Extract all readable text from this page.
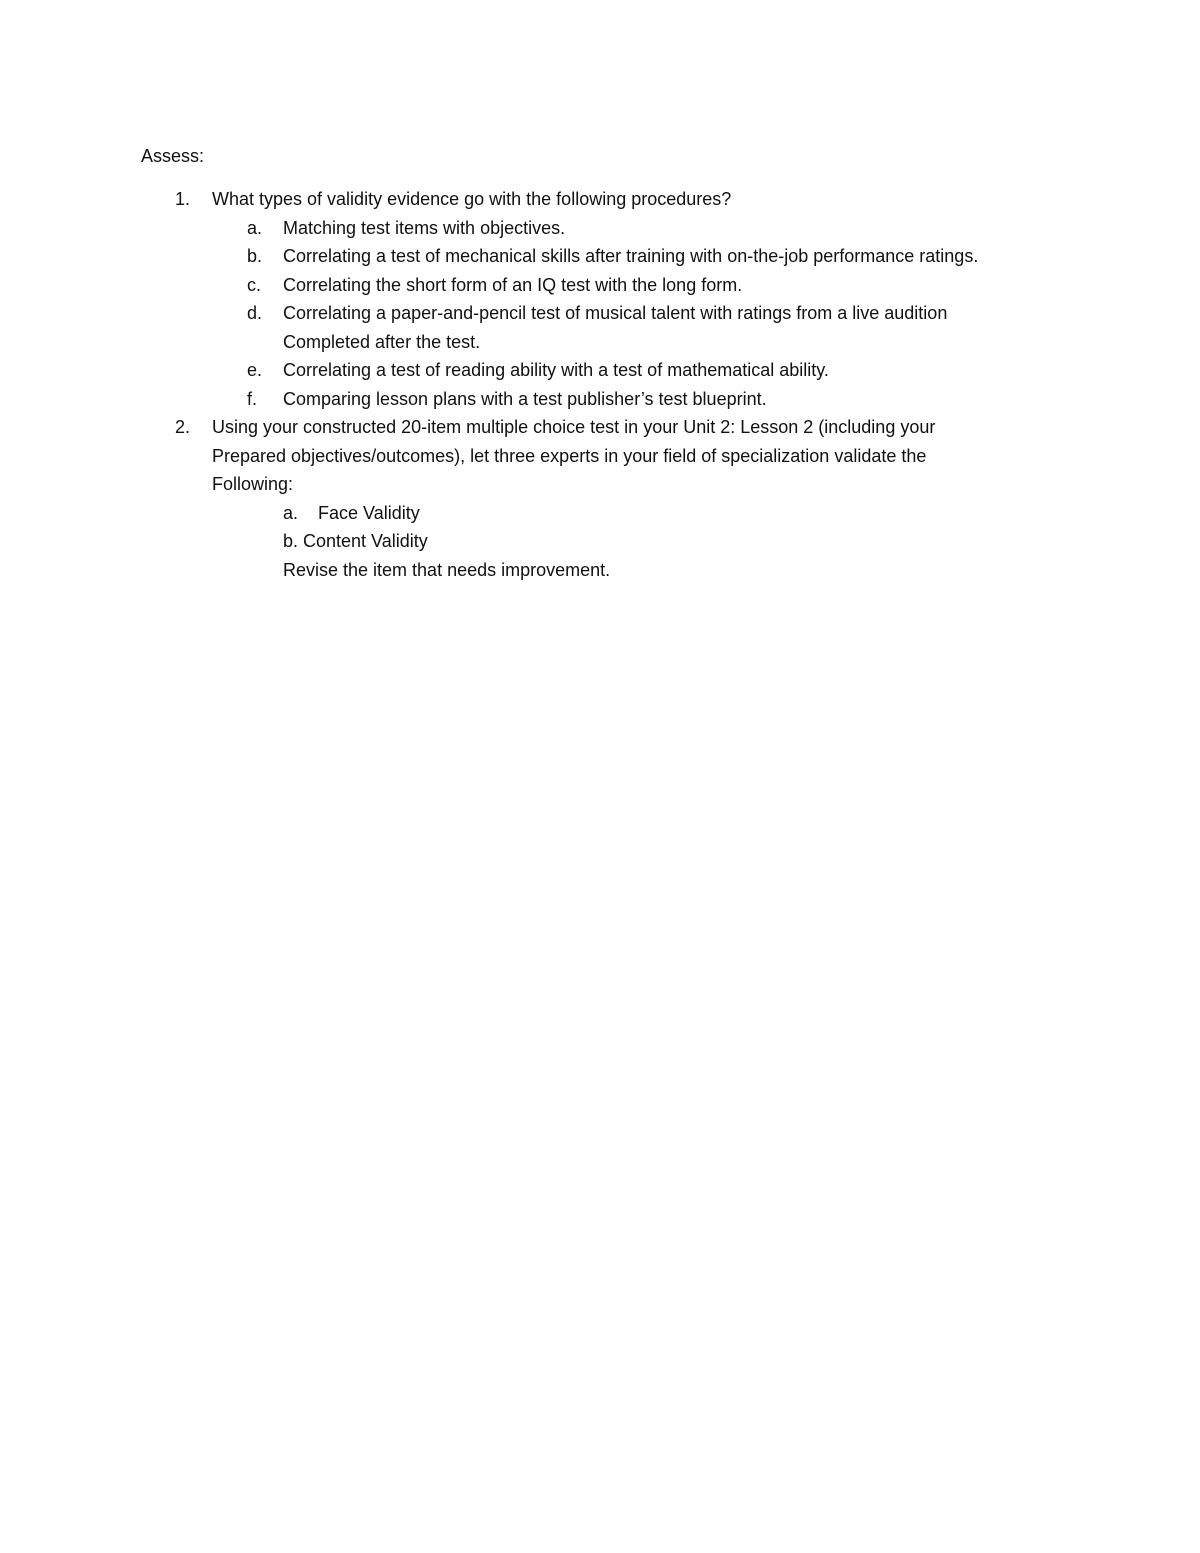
Assess:
1. What types of validity evidence go with the following procedures?
a. Matching test items with objectives.
b. Correlating a test of mechanical skills after training with on-the-job performance ratings.
c. Correlating the short form of an IQ test with the long form.
d. Correlating a paper-and-pencil test of musical talent with ratings from a live audition
Completed after the test.
e. Correlating a test of reading ability with a test of mathematical ability.
f. Comparing lesson plans with a test publisher’s test blueprint.
2. Using your constructed 20-item multiple choice test in your Unit 2: Lesson 2 (including your
Prepared objectives/outcomes), let three experts in your field of specialization validate the
Following:
a. Face Validity
b. Content Validity
Revise the item that needs improvement.
